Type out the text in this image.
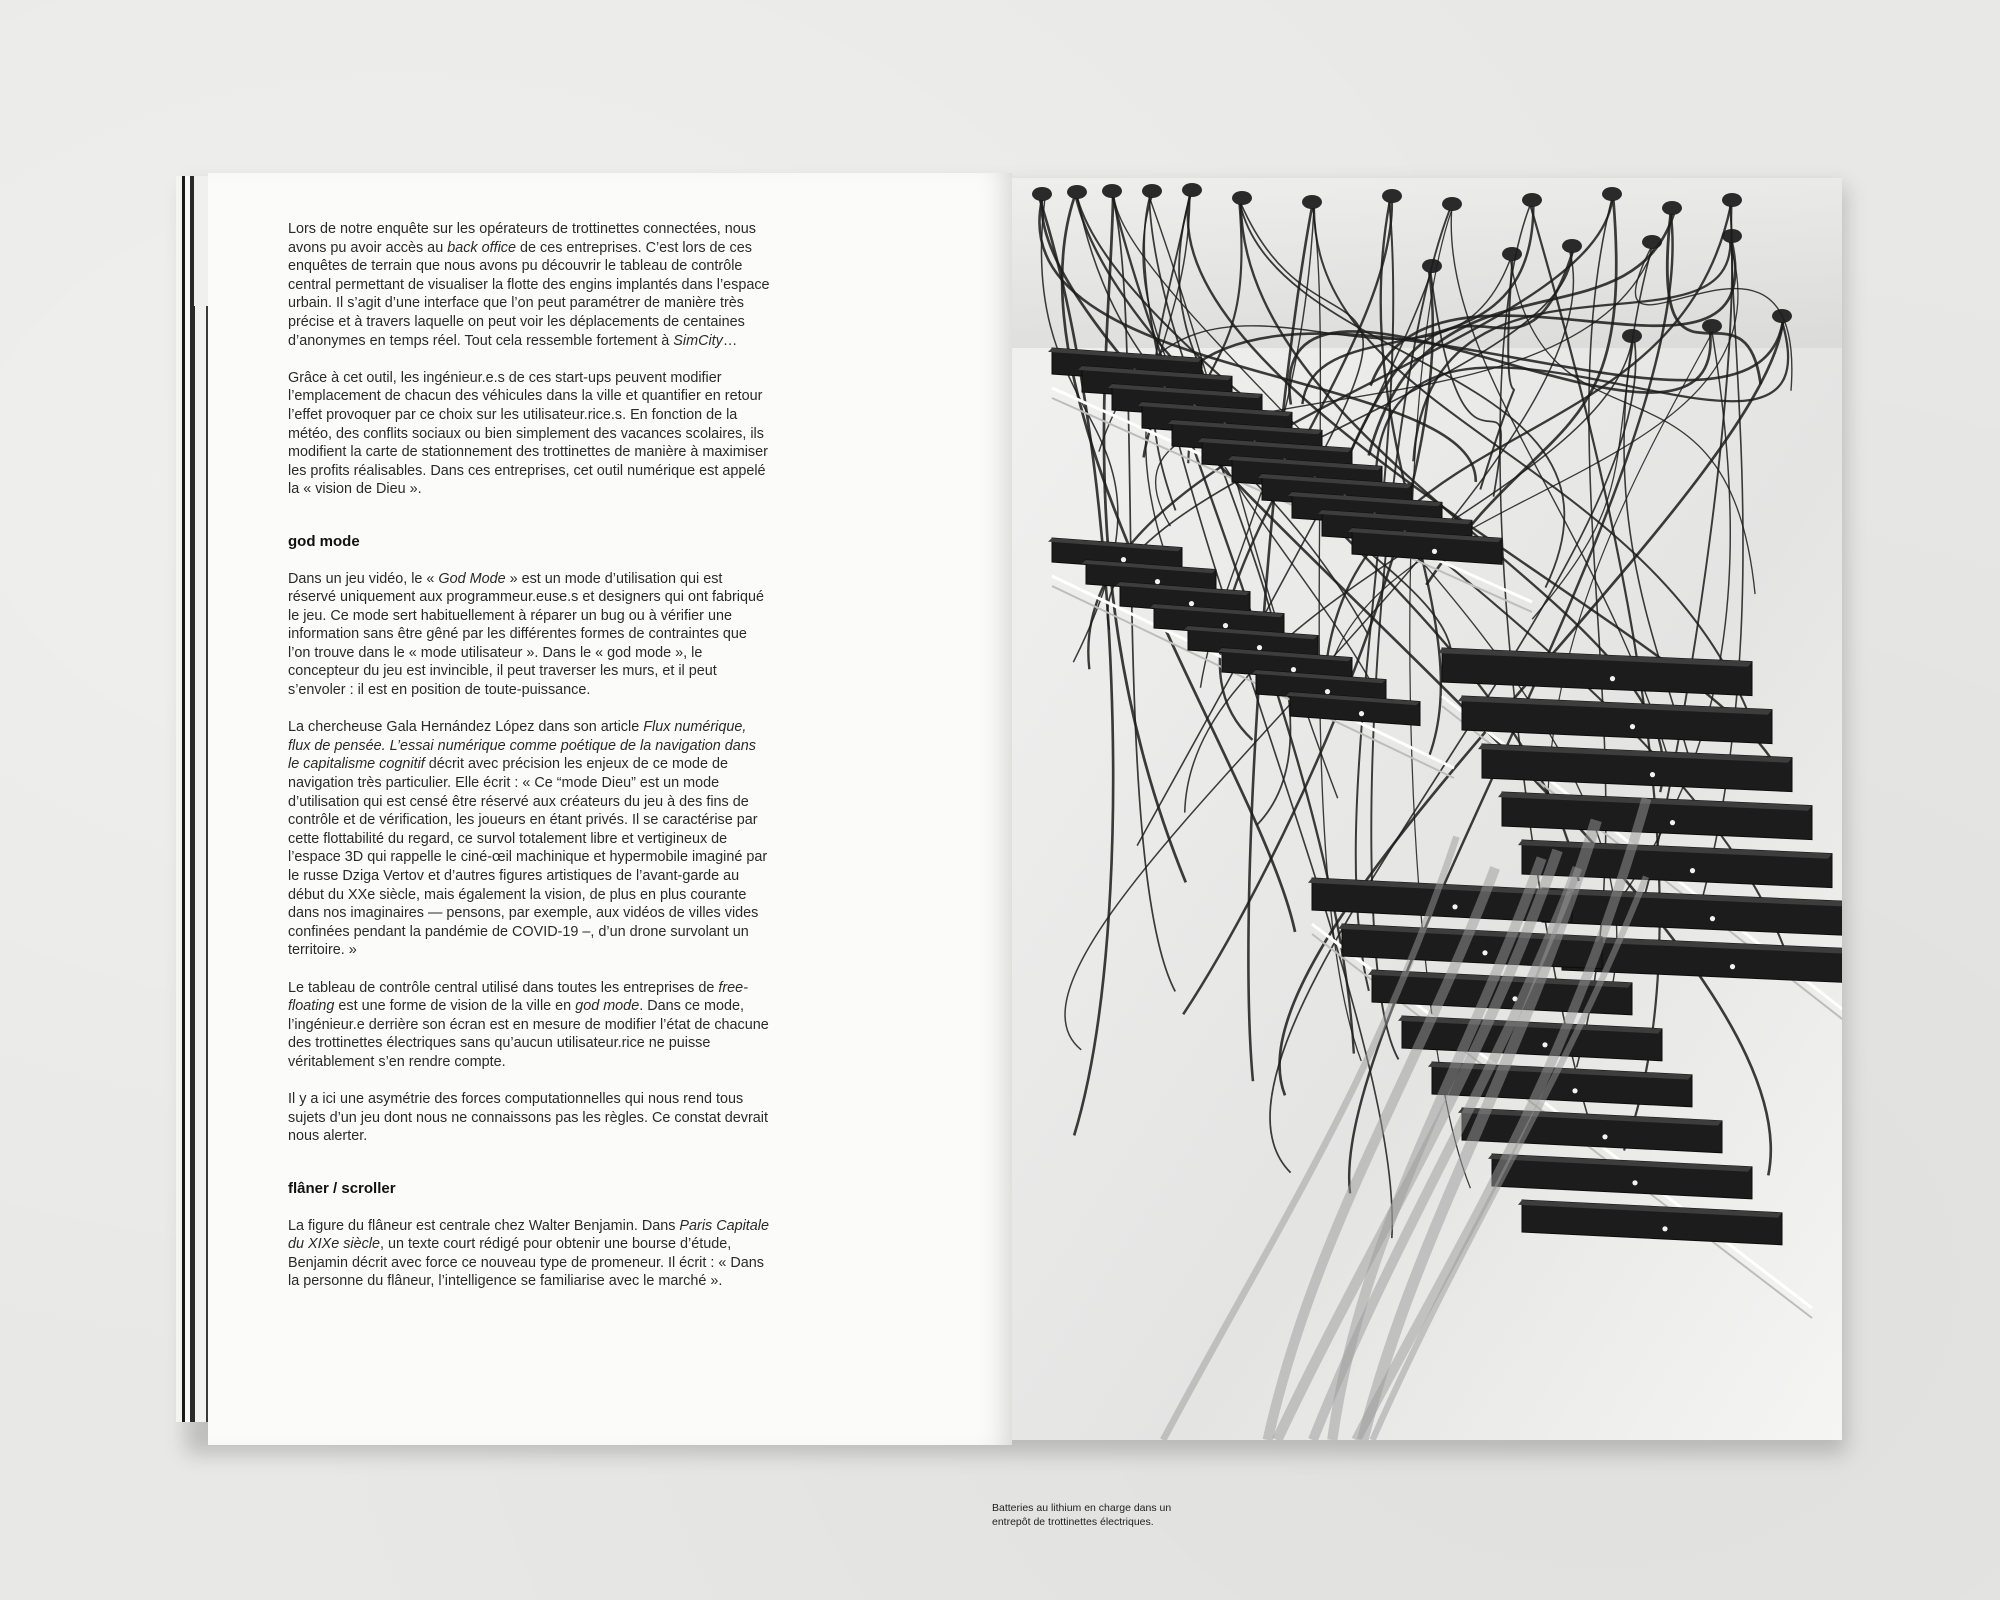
Lors de notre enquête sur les opérateurs de trottinettes connectées, nous avons pu avoir accès au back office de ces entreprises. C’est lors de ces enquêtes de terrain que nous avons pu découvrir le tableau de contrôle central permettant de visualiser la flotte des engins implantés dans l’espace urbain. Il s’agit d’une interface que l’on peut paramétrer de manière très précise et à travers laquelle on peut voir les déplacements de centaines d’anonymes en temps réel. Tout cela ressemble fortement à SimCity…

Grâce à cet outil, les ingénieur.e.s de ces start-ups peuvent modifier l’emplacement de chacun des véhicules dans la ville et quantifier en retour l’effet provoquer par ce choix sur les utilisateur.rice.s. En fonction de la météo, des conflits sociaux ou bien simplement des vacances scolaires, ils modifient la carte de stationnement des trottinettes de manière à maximiser les profits réalisables. Dans ces entreprises, cet outil numérique est appelé la « vision de Dieu ».

god mode

Dans un jeu vidéo, le « God Mode » est un mode d’utilisation qui est réservé uniquement aux programmeur.euse.s et designers qui ont fabriqué le jeu. Ce mode sert habituellement à réparer un bug ou à vérifier une information sans être gêné par les différentes formes de contraintes que l’on trouve dans le « mode utilisateur ». Dans le « god mode », le concepteur du jeu est invincible, il peut traverser les murs, et il peut s’envoler : il est en position de toute-puissance.

La chercheuse Gala Hernández López dans son article Flux numérique, flux de pensée. L’essai numérique comme poétique de la navigation dans le capitalisme cognitif décrit avec précision les enjeux de ce mode de navigation très particulier. Elle écrit : « Ce “mode Dieu” est un mode d’utilisation qui est censé être réservé aux créateurs du jeu à des fins de contrôle et de vérification, les joueurs en étant privés. Il se caractérise par cette flottabilité du regard, ce survol totalement libre et vertigineux de l’espace 3D qui rappelle le ciné-œil machinique et hypermobile imaginé par le russe Dziga Vertov et d’autres figures artistiques de l’avant-garde au début du XXe siècle, mais également la vision, de plus en plus courante dans nos imaginaires — pensons, par exemple, aux vidéos de villes vides confinées pendant la pandémie de COVID-19 –, d’un drone survolant un territoire. »

Le tableau de contrôle central utilisé dans toutes les entreprises de free-floating est une forme de vision de la ville en god mode. Dans ce mode, l’ingénieur.e derrière son écran est en mesure de modifier l’état de chacune des trottinettes électriques sans qu’aucun utilisateur.rice ne puisse véritablement s’en rendre compte.

Il y a ici une asymétrie des forces computationnelles qui nous rend tous sujets d’un jeu dont nous ne connaissons pas les règles. Ce constat devrait nous alerter.

flâner / scroller

La figure du flâneur est centrale chez Walter Benjamin. Dans Paris Capitale du XIXe siècle, un texte court rédigé pour obtenir une bourse d’étude, Benjamin décrit avec force ce nouveau type de promeneur. Il écrit : « Dans la personne du flâneur, l’intelligence se familiarise avec le marché ».

Batteries au lithium en charge dans un entrepôt de trottinettes électriques.
